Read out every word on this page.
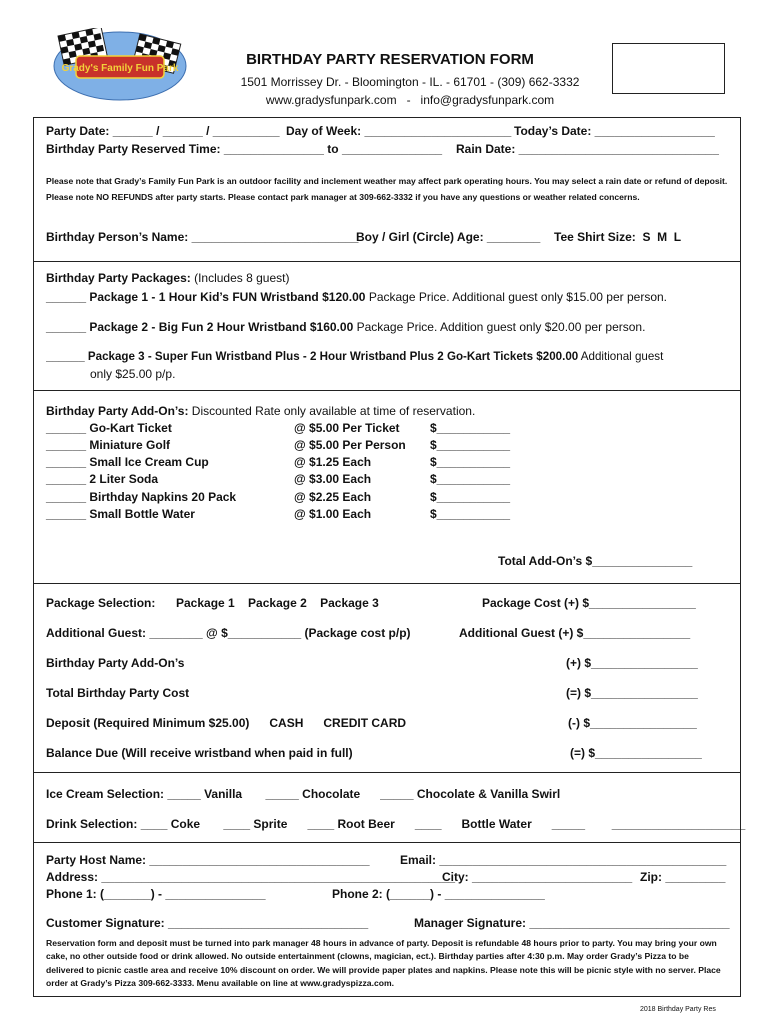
Grady's Family Fun Park
BIRTHDAY PARTY RESERVATION FORM
1501 Morrissey Dr. - Bloomington - IL. - 61701 - (309) 662-3332
www.gradysfunpark.com   -   info@gradysfunpark.com
Party Date: ______ / ______ / __________ Day of Week: ______________________ Today’s Date: __________________
Birthday Party Reserved Time: _______________ to _______________ Rain Date: ______________________________
Please note that Grady’s Family Fun Park is an outdoor facility and inclement weather may affect park operating hours. You may select a rain date or refund of deposit. Please note NO REFUNDS after party starts. Please contact park manager at 309-662-3332 if you have any questions or weather related concerns.
Birthday Person’s Name: _________________________
Boy / Girl (Circle) Age: ________ Tee Shirt Size:  S  M  L
Birthday Party Packages: (Includes 8 guest)
______ Package 1 - 1 Hour Kid’s FUN Wristband $120.00 Package Price. Additional guest only $15.00 per person.
______ Package 2 - Big Fun 2 Hour Wristband $160.00 Package Price. Addition guest only $20.00 per person.
______ Package 3 - Super Fun Wristband Plus - 2 Hour Wristband Plus 2 Go-Kart Tickets $200.00 Additional guest
only $25.00 p/p.
Birthday Party Add-On’s: Discounted Rate only available at time of reservation.
______ Go-Kart Ticket	@ $5.00 Per Ticket	$___________
______ Miniature Golf	@ $5.00 Per Person $___________
______ Small Ice Cream Cup	@ $1.25 Each	$___________
______ 2 Liter Soda	@ $3.00 Each	$___________
______ Birthday Napkins 20 Pack	@ $2.25 Each	$___________
______ Small Bottle Water	@ $1.00 Each	$___________
Total Add-On’s $_______________
Package Selection: Package 1    Package 2    Package 3	Package Cost (+) $________________
Additional Guest: ________ @ $___________ (Package cost p/p)	Additional Guest (+) $________________
Birthday Party Add-On’s	(+) $________________
Total Birthday Party Cost	(=) $________________
Deposit (Required Minimum $25.00)      CASH      CREDIT CARD	(-) $________________
Balance Due (Will receive wristband when paid in full)	(=) $________________
Ice Cream Selection: _____ Vanilla       _____ Chocolate      _____ Chocolate & Vanilla Swirl
Drink Selection: ____ Coke       ____ Sprite      ____ Root Beer      ____      Bottle Water      _____        ____________________
Party Host Name: _________________________________	Email: ___________________________________________
Address: _____________________________________________________
City: ________________________ Zip: _________
Phone 1: (_______) - _______________	Phone 2: (______) - _______________
Customer Signature: ______________________________	Manager Signature: ______________________________
Reservation form and deposit must be turned into park manager 48 hours in advance of party. Deposit is refundable 48 hours prior to party. You may bring your own cake, no other outside food or drink allowed. No outside entertainment (clowns, magician, ect.). Birthday parties after 4:30 p.m. May order Grady’s Pizza to be delivered to picnic castle area and receive 10% discount on order. We will provide paper plates and napkins. Please note this will be picnic style with no server. Place order at Grady’s Pizza 309-662-3333. Menu available on line at www.gradyspizza.com.
2018 Birthday Party Res
